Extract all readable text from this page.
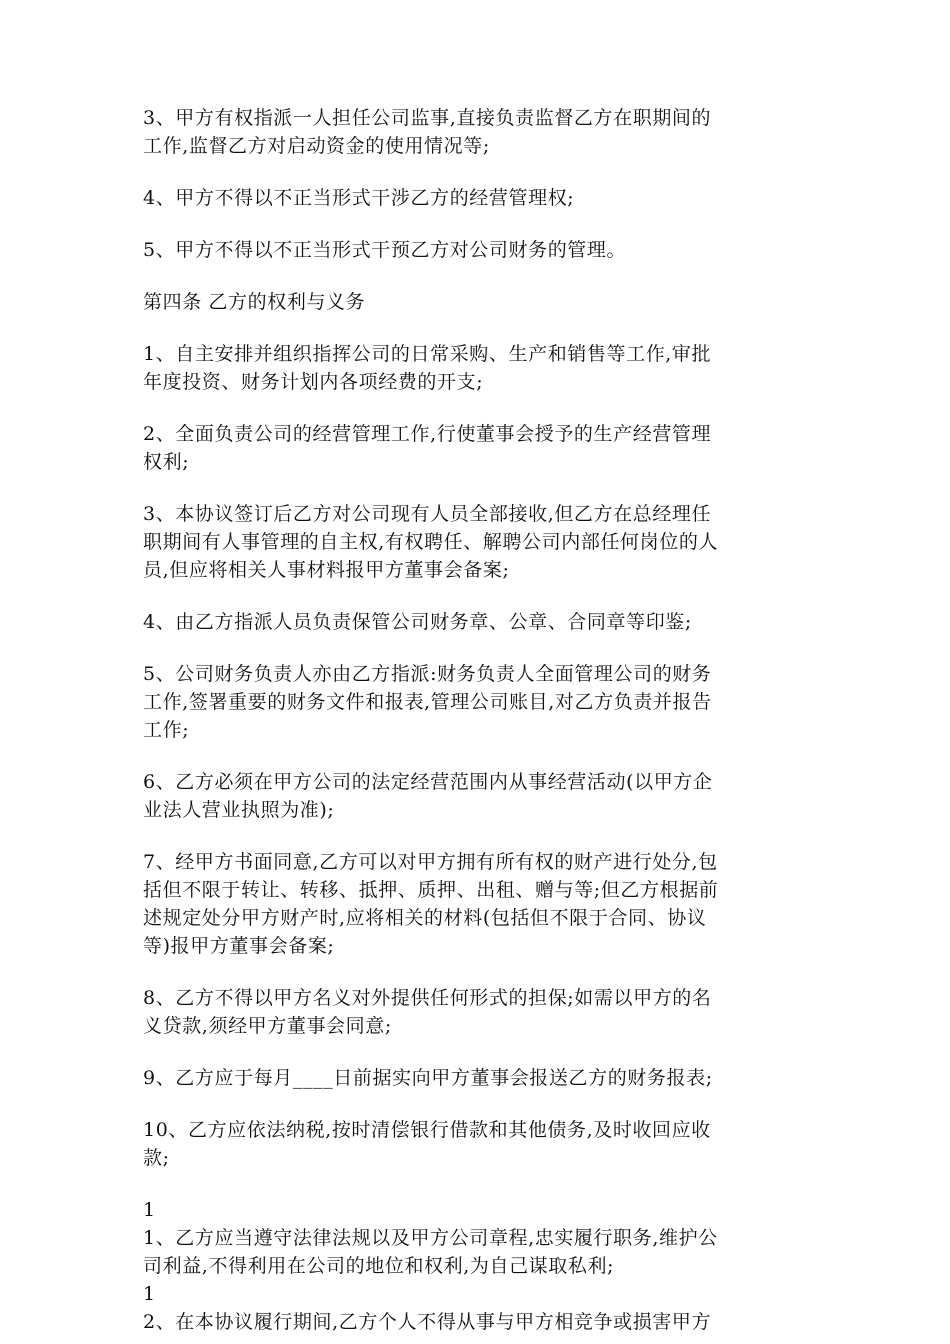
3、甲方有权指派一人担任公司监事,直接负责监督乙方在职期间的
工作,监督乙方对启动资金的使用情况等;
4、甲方不得以不正当形式干涉乙方的经营管理权;
5、甲方不得以不正当形式干预乙方对公司财务的管理。
第四条 乙方的权利与义务
1、自主安排并组织指挥公司的日常采购、生产和销售等工作,审批
年度投资、财务计划内各项经费的开支;
2、全面负责公司的经营管理工作,行使董事会授予的生产经营管理
权利;
3、本协议签订后乙方对公司现有人员全部接收,但乙方在总经理任
职期间有人事管理的自主权,有权聘任、解聘公司内部任何岗位的人
员,但应将相关人事材料报甲方董事会备案;
4、由乙方指派人员负责保管公司财务章、公章、合同章等印鉴;
5、公司财务负责人亦由乙方指派:财务负责人全面管理公司的财务
工作,签署重要的财务文件和报表,管理公司账目,对乙方负责并报告
工作;
6、乙方必须在甲方公司的法定经营范围内从事经营活动(以甲方企
业法人营业执照为准);
7、经甲方书面同意,乙方可以对甲方拥有所有权的财产进行处分,包
括但不限于转让、转移、抵押、质押、出租、赠与等;但乙方根据前
述规定处分甲方财产时,应将相关的材料(包括但不限于合同、协议
等)报甲方董事会备案;
8、乙方不得以甲方名义对外提供任何形式的担保;如需以甲方的名
义贷款,须经甲方董事会同意;
9、乙方应于每月____日前据实向甲方董事会报送乙方的财务报表;
10、乙方应依法纳税,按时清偿银行借款和其他债务,及时收回应收
款;
1
1、乙方应当遵守法律法规以及甲方公司章程,忠实履行职务,维护公
司利益,不得利用在公司的地位和权利,为自己谋取私利;
1
2、在本协议履行期间,乙方个人不得从事与甲方相竞争或损害甲方
